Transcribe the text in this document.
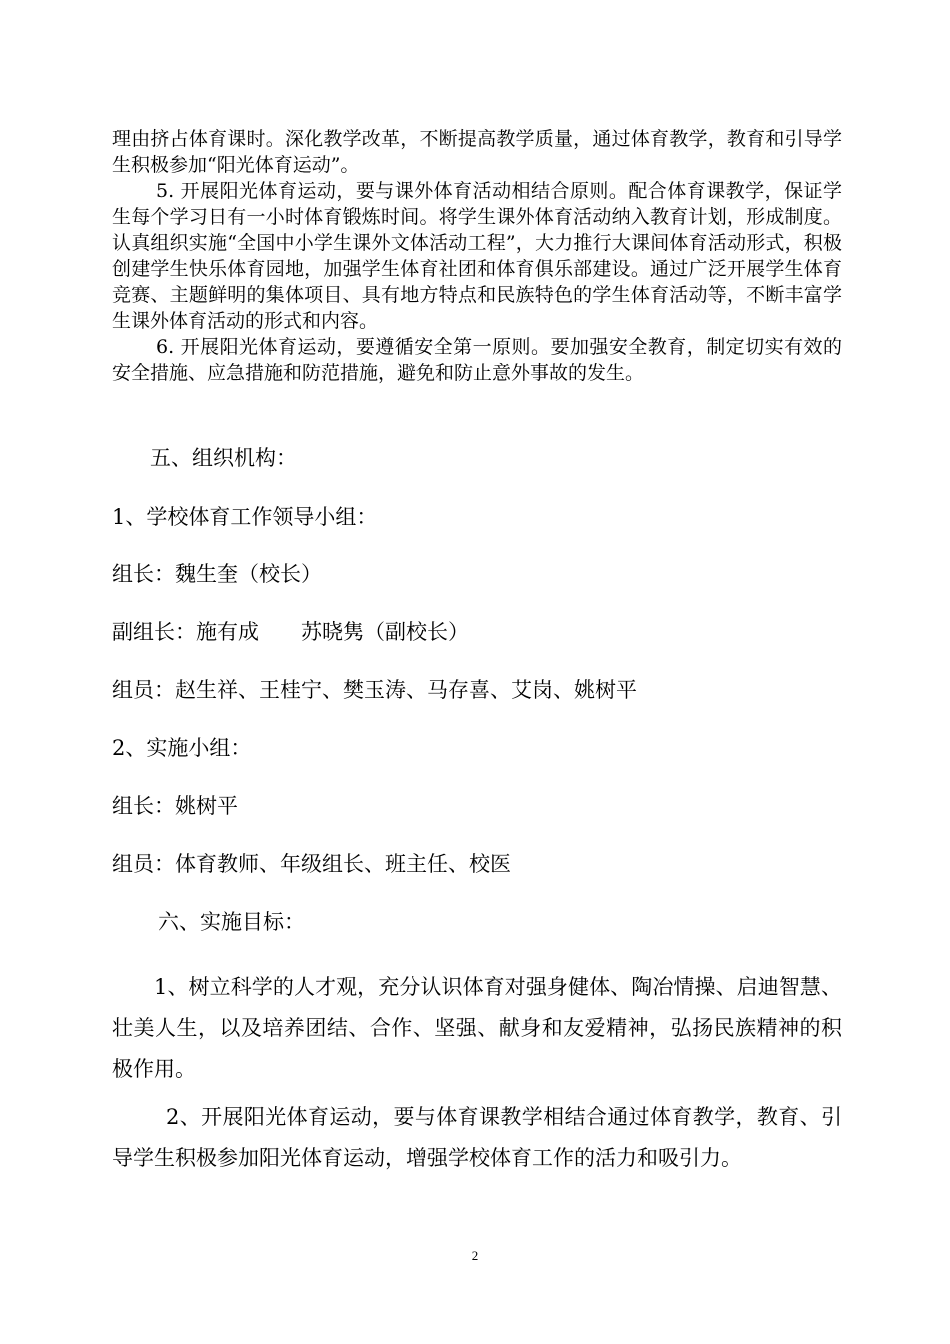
理由挤占体育课时。深化教学改革，不断提高教学质量，通过体育教学，教育和引导学生积极参加“阳光体育运动”。

5. 开展阳光体育运动，要与课外体育活动相结合原则。配合体育课教学，保证学生每个学习日有一小时体育锻炼时间。将学生课外体育活动纳入教育计划，形成制度。认真组织实施“全国中小学生课外文体活动工程”，大力推行大课间体育活动形式，积极创建学生快乐体育园地，加强学生体育社团和体育俱乐部建设。通过广泛开展学生体育竞赛、主题鲜明的集体项目、具有地方特点和民族特色的学生体育活动等，不断丰富学生课外体育活动的形式和内容。

6. 开展阳光体育运动，要遵循安全第一原则。要加强安全教育，制定切实有效的安全措施、应急措施和防范措施，避免和防止意外事故的发生。

五、组织机构：

1、学校体育工作领导小组：

组长：魏生奎（校长）

副组长：施有成　　苏晓隽（副校长）

组员：赵生祥、王桂宁、樊玉涛、马存喜、艾岗、姚树平

2、实施小组：

组长：姚树平

组员：体育教师、年级组长、班主任、校医

六、实施目标：

1、树立科学的人才观，充分认识体育对强身健体、陶冶情操、启迪智慧、壮美人生，以及培养团结、合作、坚强、献身和友爱精神，弘扬民族精神的积极作用。

2、开展阳光体育运动，要与体育课教学相结合通过体育教学，教育、引导学生积极参加阳光体育运动，增强学校体育工作的活力和吸引力。

2
